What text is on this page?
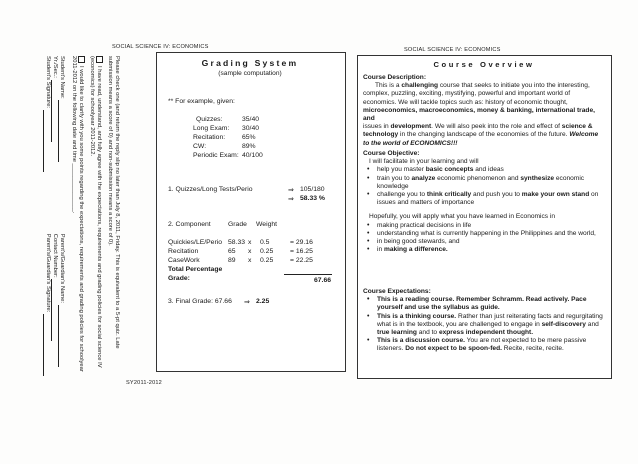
SOCIAL SCIENCE IV: ECONOMICS	SOCIAL SCIENCE IV: ECONOMICS

Please check one (and return the reply slip no later than July 8, 2011, Friday. This is equivalent to a 5-pt quiz. Late submission means a score of 0) and non-submission means a score of 0).

I have read, understand, and fully agree with the expectations, requirements and grading policies for social science IV (economics) for schoolyear 2011-2012.

I would like to clarify with you some points regarding the expectations, requirements and grading policies for schoolyear 2011-2012 on the following date and time _______________.

Student's Name:
Yr./Sec.:
Student's Signature:
Parent's/Guardian's Name:
Contact Number:
Parent's/Guardian's Signature:
Grading System
(sample computation)
** For example, given:
Quizzes:	35/40
Long Exam: 30/40
Recitation: 65%
CW:	89%
Periodic Exam: 40/100
1. Quizzes/Long Tests/Perio	⇒ 105/180
⇒ 58.33 %
2. Component	Grade Weight
Quickies/LE/Perio 58.33 x 0.5	= 29.16
Recitation	65 x 0.25 = 16.25
CaseWork	89 x 0.25 = 22.25
Total Percentage
Grade:	67.66
3. Final Grade: 67.66 ⇒ 2.25
SY2011-2012
Course Overview

Course Description:

This is a challenging course that seeks to initiate you into the interesting,

complex, puzzling, exciting, mystifying, powerful and important world of

economics. We will tackle topics such as: history of economic thought,

microeconomics, macroeconomics, money & banking, international trade, and

issues in development. We will also peek into the role and effect of science &

technology in the changing landscape of the economies of the future. Welcome

to the world of ECONOMICS!!!

Course Objective:

I will facilitate in your learning and will

• help you master basic concepts and ideas

• train you to analyze economic phenomenon and synthesize economic knowledge

• challenge you to think critically and push you to make your own stand on issues and matters of importance

Hopefully, you will apply what you have learned in Economics in

• making practical decisions in life

• understanding what is currently happening in the Philippines and the world,

• in being good stewards, and

• in making a difference.

Course Expectations:

• This is a reading course. Remember Schramm. Read actively. Pace yourself and use the syllabus as guide.

• This is a thinking course. Rather than just reiterating facts and regurgitating what is in the textbook, you are challenged to engage in self-discovery and true learning and to express independent thought.

• This is a discussion course. You are not expected to be mere passive listeners. Do not expect to be spoon-fed. Recite, recite, recite.
